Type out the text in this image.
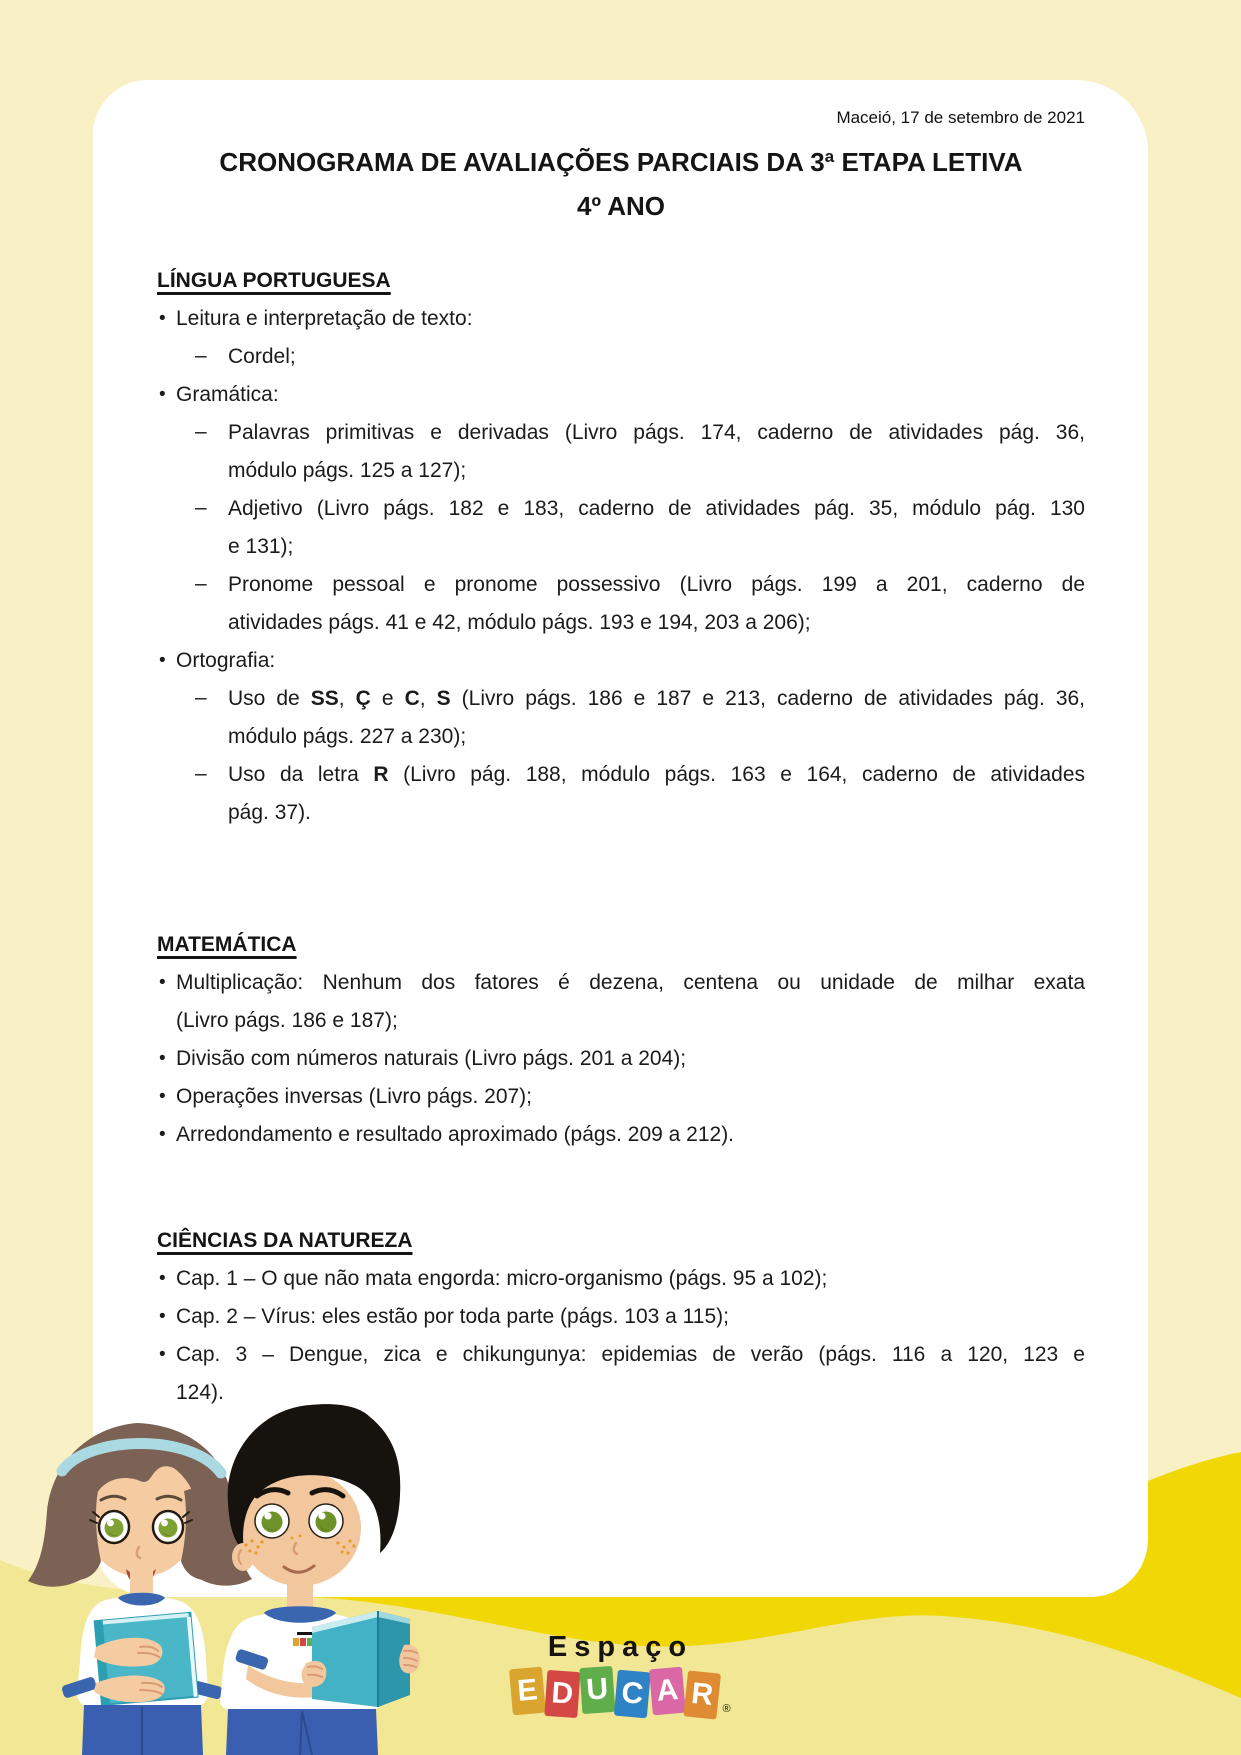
Maceió, 17 de setembro de 2021
CRONOGRAMA DE AVALIAÇÕES PARCIAIS DA 3ª ETAPA LETIVA
4º ANO
LÍNGUA PORTUGUESA
• Leitura e interpretação de texto:
– Cordel;
• Gramática:
– Palavras primitivas e derivadas (Livro págs. 174, caderno de atividades pág. 36,
módulo págs. 125 a 127);
– Adjetivo (Livro págs. 182 e 183, caderno de atividades pág. 35, módulo pág. 130
e 131);
– Pronome pessoal e pronome possessivo (Livro págs. 199 a 201, caderno de
atividades págs. 41 e 42, módulo págs. 193 e 194, 203 a 206);
• Ortografia:
– Uso de SS, Ç e C, S (Livro págs. 186 e 187 e 213, caderno de atividades pág. 36,
módulo págs. 227 a 230);
– Uso da letra R (Livro pág. 188, módulo págs. 163 e 164, caderno de atividades
pág. 37).
MATEMÁTICA
• Multiplicação: Nenhum dos fatores é dezena, centena ou unidade de milhar exata
(Livro págs. 186 e 187);
• Divisão com números naturais (Livro págs. 201 a 204);
• Operações inversas (Livro págs. 207);
• Arredondamento e resultado aproximado (págs. 209 a 212).
CIÊNCIAS DA NATUREZA
• Cap. 1 – O que não mata engorda: micro-organismo (págs. 95 a 102);
• Cap. 2 – Vírus: eles estão por toda parte (págs. 103 a 115);
• Cap. 3 – Dengue, zica e chikungunya: epidemias de verão (págs. 116 a 120, 123 e
124).
Espaço
E D U C A R ®
